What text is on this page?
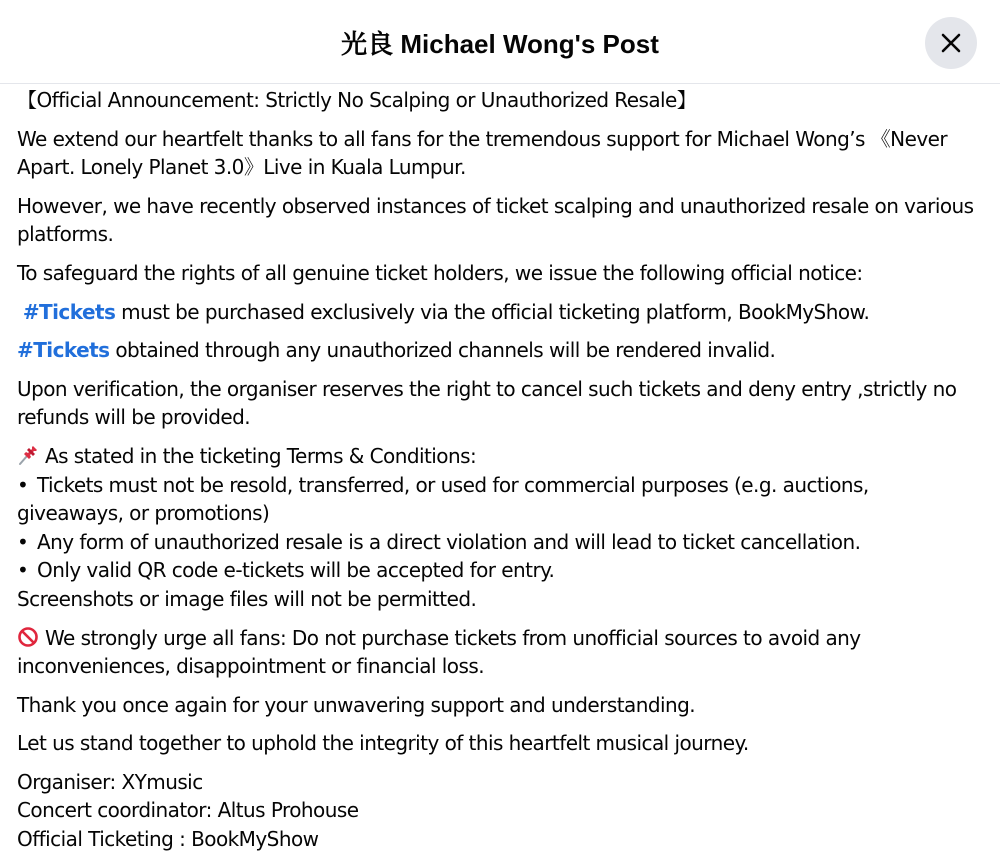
光良 Michael Wong's Post
【Official Announcement: Strictly No Scalping or Unauthorized Resale】
We extend our heartfelt thanks to all fans for the tremendous support for Michael Wong’s 《Never Apart. Lonely Planet 3.0》Live in Kuala Lumpur.
However, we have recently observed instances of ticket scalping and unauthorized resale on various platforms.
To safeguard the rights of all genuine ticket holders, we issue the following official notice:
#Tickets must be purchased exclusively via the official ticketing platform, BookMyShow.
#Tickets obtained through any unauthorized channels will be rendered invalid.
Upon verification, the organiser reserves the right to cancel such tickets and deny entry ,strictly no refunds will be provided.
As stated in the ticketing Terms & Conditions:
• Tickets must not be resold, transferred, or used for commercial purposes (e.g. auctions, giveaways, or promotions)
• Any form of unauthorized resale is a direct violation and will lead to ticket cancellation.
• Only valid QR code e-tickets will be accepted for entry.
Screenshots or image files will not be permitted.
We strongly urge all fans: Do not purchase tickets from unofficial sources to avoid any inconveniences, disappointment or financial loss.
Thank you once again for your unwavering support and understanding.
Let us stand together to uphold the integrity of this heartfelt musical journey.
Organiser: XYmusic
Concert coordinator: Altus Prohouse
Official Ticketing : BookMyShow
